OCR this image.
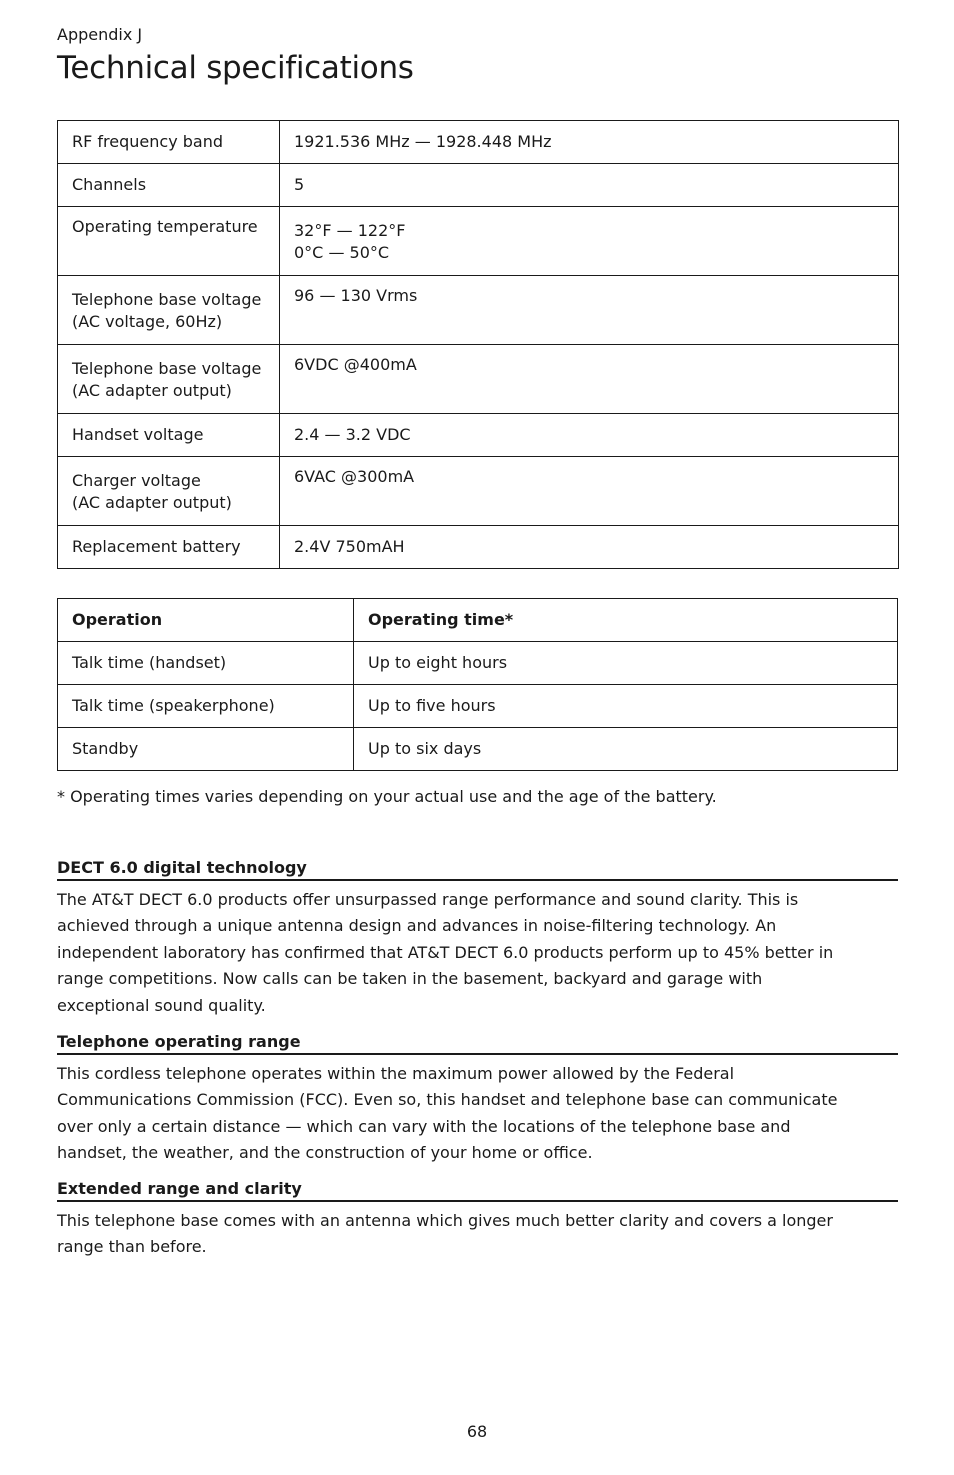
Appendix J
Technical specifications
RF frequency band	1921.536 MHz — 1928.448 MHz
Channels	5
Operating temperature	32°F — 122°F
0°C — 50°C

Telephone base voltage
(AC voltage, 60Hz)	96 — 130 Vrms

Telephone base voltage
(AC adapter output)	6VDC @400mA
Handset voltage	2.4 — 3.2 VDC

Charger voltage
(AC adapter output)	6VAC @300mA
Replacement battery	2.4V 750mAH
Operation	Operating time*
Talk time (handset)	Up to eight hours
Talk time (speakerphone)	Up to five hours
Standby	Up to six days
* Operating times varies depending on your actual use and the age of the battery.
DECT 6.0 digital technology
The AT&T DECT 6.0 products offer unsurpassed range performance and sound clarity. This is
achieved through a unique antenna design and advances in noise-filtering technology. An
independent laboratory has confirmed that AT&T DECT 6.0 products perform up to 45% better in
range competitions. Now calls can be taken in the basement, backyard and garage with
exceptional sound quality.
Telephone operating range
This cordless telephone operates within the maximum power allowed by the Federal
Communications Commission (FCC). Even so, this handset and telephone base can communicate
over only a certain distance — which can vary with the locations of the telephone base and
handset, the weather, and the construction of your home or office.
Extended range and clarity
This telephone base comes with an antenna which gives much better clarity and covers a longer
range than before.
68
